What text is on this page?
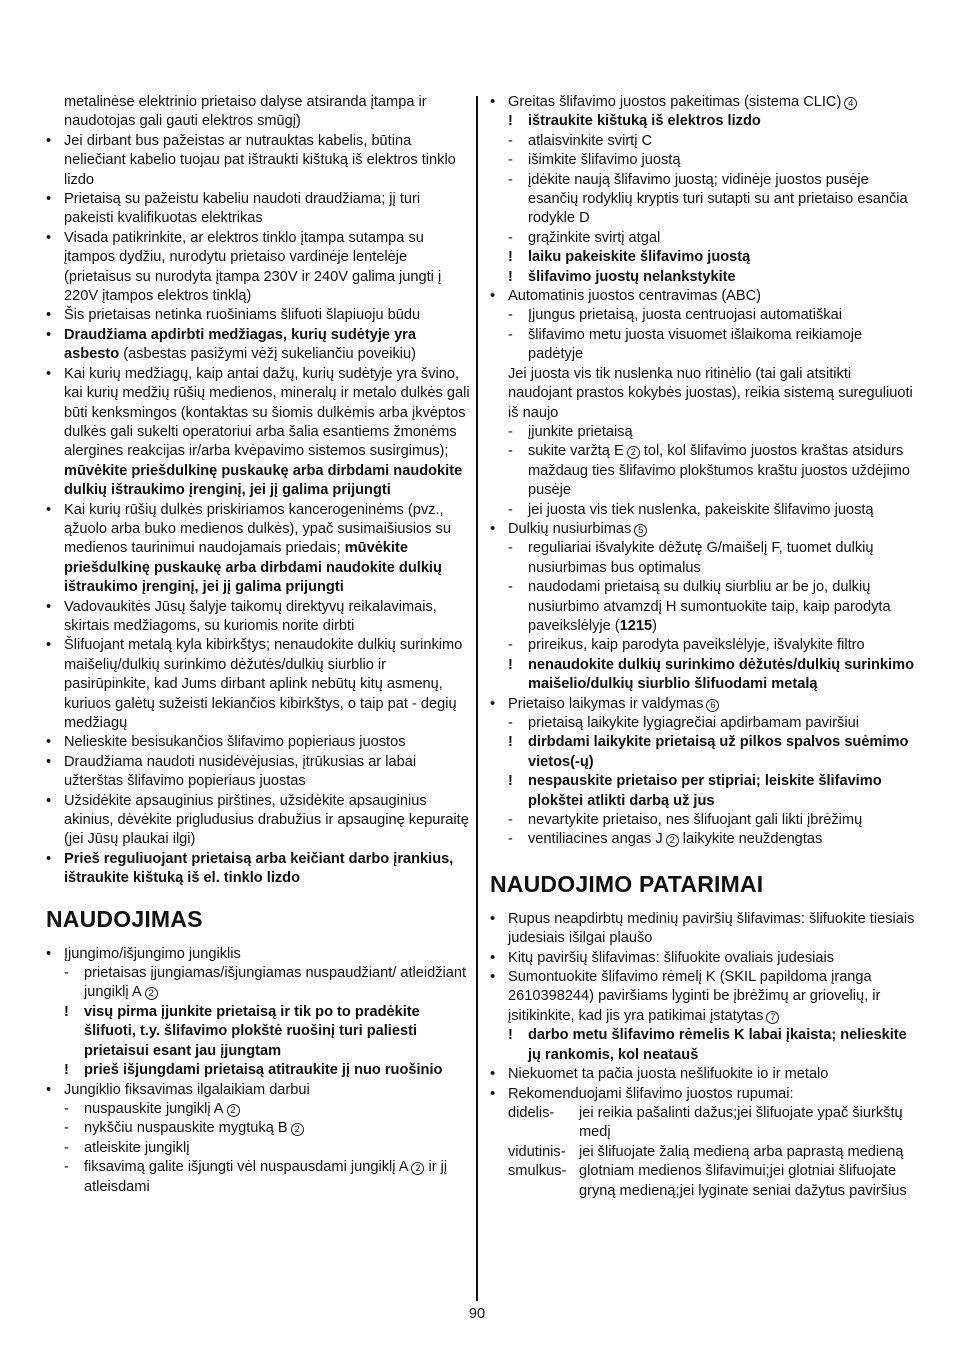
metalinėse elektrinio prietaiso dalyse atsiranda įtampa ir naudotojas gali gauti elektros smūgį)
• Jei dirbant bus pažeistas ar nutrauktas kabelis, būtina neliečiant kabelio tuojau pat ištraukti kištuką iš elektros tinklo lizdo
• Prietaisą su pažeistu kabeliu naudoti draudžiama; jį turi pakeisti kvalifikuotas elektrikas
• Visada patikrinkite, ar elektros tinklo įtampa sutampa su įtampos dydžiu, nurodytu prietaiso vardinėje lentelėje (prietaisus su nurodyta įtampa 230V ir 240V galima jungti į 220V įtampos elektros tinklą)
• Šis prietaisas netinka ruošiniams šlifuoti šlapiuoju būdu
• Draudžiama apdirbti medžiagas, kurių sudėtyje yra asbesto (asbestas pasižymi vėžį sukeliančiu poveikiu)
• Kai kurių medžiagų, kaip antai dažų, kurių sudėtyje yra švino, kai kurių medžių rūšių medienos, mineralų ir metalo dulkės gali būti kenksmingos (kontaktas su šiomis dulkėmis arba įkvėptos dulkės gali sukelti operatoriui arba šalia esantiems žmonėms alergines reakcijas ir/arba kvėpavimo sistemos susirgimus); mūvėkite priešdulkinę puskaukę arba dirbdami naudokite dulkių ištraukimo įrenginį, jei jį galima prijungti
• Kai kurių rūšių dulkės priskiriamos kancerogeninėms (pvz., ąžuolo arba buko medienos dulkės), ypač susimaišiusios su medienos taurinimui naudojamais priedais; mūvėkite priešdulkinę puskaukę arba dirbdami naudokite dulkių ištraukimo įrenginį, jei jį galima prijungti
• Vadovaukitės Jūsų šalyje taikomų direktyvų reikalavimais, skirtais medžiagoms, su kuriomis norite dirbti
• Šlifuojant metalą kyla kibirkštys; nenaudokite dulkių surinkimo maišelių/dulkių surinkimo dėžutės/dulkių siurblio ir pasirūpinkite, kad Jums dirbant aplink nebūtų kitų asmenų, kuriuos galėtų sužeisti lekiančios kibirkštys, o taip pat - degių medžiagų
• Nelieskite besisukančios šlifavimo popieriaus juostos
• Draudžiama naudoti nusidėvėjusias, įtrūkusias ar labai užterštas šlifavimo popieriaus juostas
• Užsidėkite apsauginius pirštines, užsidėkite apsauginius akinius, dėvėkite prigludusius drabužius ir apsauginę kepuraitę (jei Jūsų plaukai ilgi)
• Prieš reguliuojant prietaisą arba keičiant darbo įrankius, ištraukite kištuką iš el. tinklo lizdo
NAUDOJIMAS
• Įjungimo/išjungimo jungiklis
- prietaisas įjungiamas/išjungiamas nuspaudžiant/ atleidžiant jungiklį A 2
! visų pirma įjunkite prietaisą ir tik po to pradėkite šlifuoti, t.y. šlifavimo plokštė ruošinį turi paliesti prietaisui esant jau įjungtam
! prieš išjungdami prietaisą atitraukite jį nuo ruošinio
• Jungiklio fiksavimas ilgalaikiam darbui
- nuspauskite jungiklį A 2
- nykščiu nuspauskite mygtuką B 2
- atleiskite jungiklį
- fiksavimą galite išjungti vėl nuspausdami jungiklį A 2 ir jį atleisdami
• Greitas šlifavimo juostos pakeitimas (sistema CLIC) 4
! ištraukite kištuką iš elektros lizdo
- atlaisvinkite svirtį C
- išimkite šlifavimo juostą
- įdėkite naują šlifavimo juostą; vidinėje juostos pusėje esančių rodyklių kryptis turi sutapti su ant prietaiso esančia rodykle D
- grąžinkite svirtį atgal
! laiku pakeiskite šlifavimo juostą
! šlifavimo juostų nelankstykite
• Automatinis juostos centravimas (ABC)
- Įjungus prietaisą, juosta centruojasi automatiškai
- šlifavimo metu juosta visuomet išlaikoma reikiamoje padėtyje
Jei juosta vis tik nuslenka nuo ritinėlio (tai gali atsitikti naudojant prastos kokybės juostas), reikia sistemą sureguliuoti iš naujo
- įjunkite prietaisą
- sukite varžtą E 2 tol, kol šlifavimo juostos kraštas atsidurs maždaug ties šlifavimo plokštumos kraštu juostos uždėjimo pusėje
- jei juosta vis tiek nuslenka, pakeiskite šlifavimo juostą
• Dulkių nusiurbimas 5
- reguliariai išvalykite dėžutę G/maišelį F, tuomet dulkių nusiurbimas bus optimalus
- naudodami prietaisą su dulkių siurbliu ar be jo, dulkių nusiurbimo atvamzdį H sumontuokite taip, kaip parodyta paveikslėlyje (1215)
- prireikus, kaip parodyta paveikslėlyje, išvalykite filtro
! nenaudokite dulkių surinkimo dėžutės/dulkių surinkimo maišelio/dulkių siurblio šlifuodami metalą
• Prietaiso laikymas ir valdymas 6
- prietaisą laikykite lygiagrečiai apdirbamam paviršiui
! dirbdami laikykite prietaisą už pilkos spalvos suėmimo vietos(-ų)
! nespauskite prietaiso per stipriai; leiskite šlifavimo plokštei atlikti darbą už jus
- nevartykite prietaiso, nes šlifuojant gali likti įbrėžimų
- ventiliacines angas J 2 laikykite neuždengtas
NAUDOJIMO PATARIMAI
• Rupus neapdirbtų medinių paviršių šlifavimas: šlifuokite tiesiais judesiais išilgai plaušo
• Kitų paviršių šlifavimas: šlifuokite ovaliais judesiais
• Sumontuokite šlifavimo rėmelį K (SKIL papildoma įranga 2610398244) paviršiams lyginti be įbrėžimų ar griovelių, ir įsitikinkite, kad jis yra patikimai įstatytas 7
! darbo metu šlifavimo rėmelis K labai įkaista; nelieskite jų rankomis, kol neatauš
• Niekuomet ta pačia juosta nešlifuokite io ir metalo
• Rekomenduojami šlifavimo juostos rupumai:
didelis-	jei reikia pašalinti dažus;jei šlifuojate ypač šiurkštų medį
vidutinis- jei šlifuojate žalią medieną arba paprastą medieną
smulkus- glotniam medienos šlifavimui;jei glotniai šlifuojate gryną medieną;jei lyginate seniai dažytus paviršius
90
